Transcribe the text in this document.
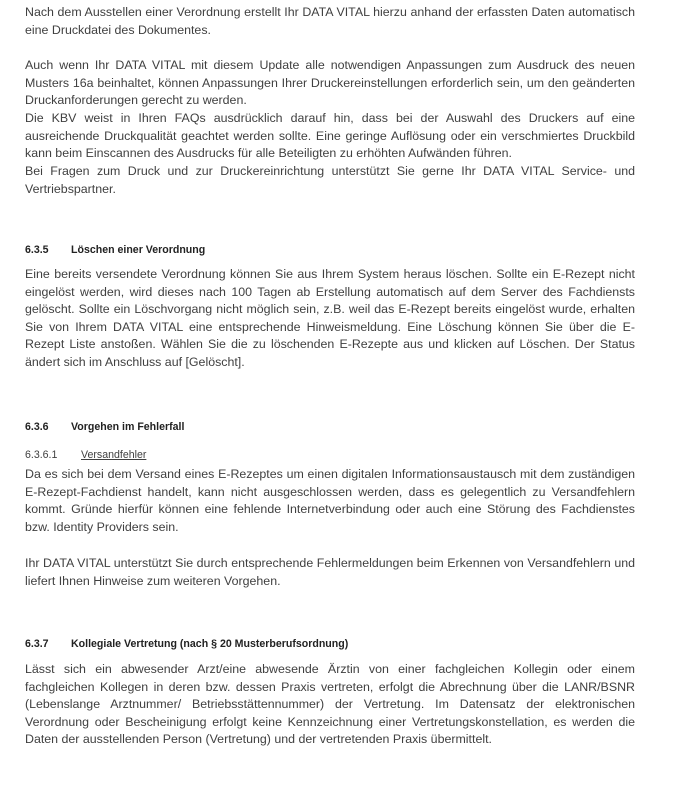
Nach dem Ausstellen einer Verordnung erstellt Ihr DATA VITAL hierzu anhand der erfassten Daten automatisch eine Druckdatei des Dokumentes.

Auch wenn Ihr DATA VITAL mit diesem Update alle notwendigen Anpassungen zum Ausdruck des neuen Musters 16a beinhaltet, können Anpassungen Ihrer Druckereinstellungen erforderlich sein, um den geänderten Druckanforderungen gerecht zu werden.

Die KBV weist in Ihren FAQs ausdrücklich darauf hin, dass bei der Auswahl des Druckers auf eine ausreichende Druckqualität geachtet werden sollte. Eine geringe Auflösung oder ein verschmiertes Druckbild kann beim Einscannen des Ausdrucks für alle Beteiligten zu erhöhten Aufwänden führen.

Bei Fragen zum Druck und zur Druckereinrichtung unterstützt Sie gerne Ihr DATA VITAL Service- und Vertriebspartner.

6.3.5	Löschen einer Verordnung

Eine bereits versendete Verordnung können Sie aus Ihrem System heraus löschen. Sollte ein E-Rezept nicht eingelöst werden, wird dieses nach 100 Tagen ab Erstellung automatisch auf dem Server des Fachdiensts gelöscht. Sollte ein Löschvorgang nicht möglich sein, z.B. weil das E-Rezept bereits eingelöst wurde, erhalten Sie von Ihrem DATA VITAL eine entsprechende Hinweismeldung. Eine Löschung können Sie über die E-Rezept Liste anstoßen. Wählen Sie die zu löschenden E-Rezepte aus und klicken auf Löschen. Der Status ändert sich im Anschluss auf [Gelöscht].

6.3.6	Vorgehen im Fehlerfall
6.3.6.1	Versandfehler

Da es sich bei dem Versand eines E-Rezeptes um einen digitalen Informationsaustausch mit dem zuständigen E-Rezept-Fachdienst handelt, kann nicht ausgeschlossen werden, dass es gelegentlich zu Versandfehlern kommt. Gründe hierfür können eine fehlende Internetverbindung oder auch eine Störung des Fachdienstes bzw. Identity Providers sein.

Ihr DATA VITAL unterstützt Sie durch entsprechende Fehlermeldungen beim Erkennen von Versandfehlern und liefert Ihnen Hinweise zum weiteren Vorgehen.

6.3.7	Kollegiale Vertretung (nach § 20 Musterberufsordnung)

Lässt sich ein abwesender Arzt/eine abwesende Ärztin von einer fachgleichen Kollegin oder einem fachgleichen Kollegen in deren bzw. dessen Praxis vertreten, erfolgt die Abrechnung über die LANR/BSNR (Lebenslange Arztnummer/ Betriebsstättennummer) der Vertretung. Im Datensatz der elektronischen Verordnung oder Bescheinigung erfolgt keine Kennzeichnung einer Vertretungskonstellation, es werden die Daten der ausstellenden Person (Vertretung) und der vertretenden Praxis übermittelt.
